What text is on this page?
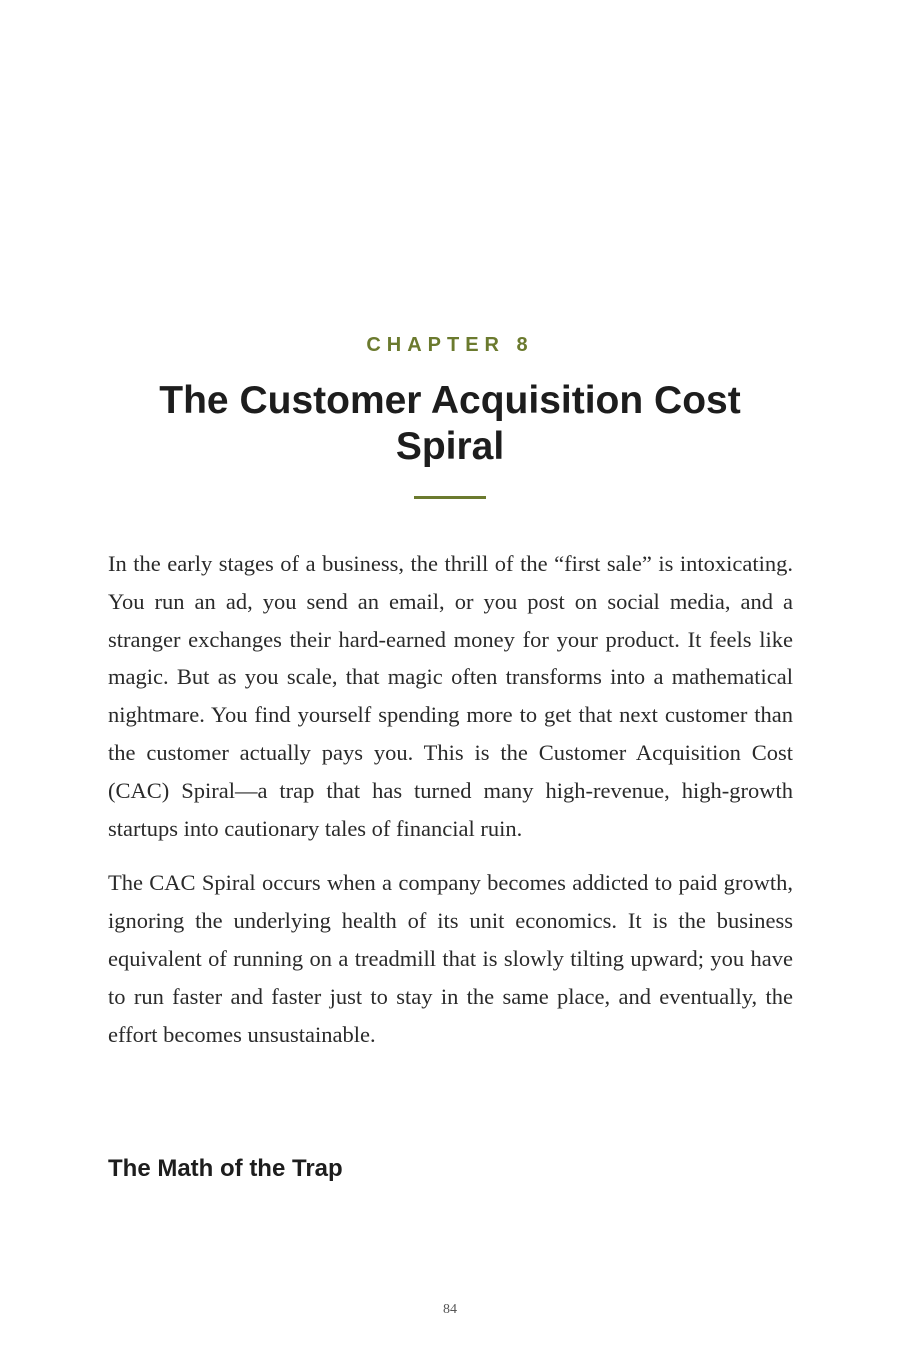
CHAPTER 8
The Customer Acquisition Cost Spiral

In the early stages of a business, the thrill of the “first sale” is intoxicating. You run an ad, you send an email, or you post on social media, and a stranger exchanges their hard-earned money for your product. It feels like magic. But as you scale, that magic often transforms into a mathematical nightmare. You find yourself spending more to get that next customer than the customer actually pays you. This is the Customer Acquisition Cost (CAC) Spiral—a trap that has turned many high-revenue, high-growth startups into cautionary tales of financial ruin.

The CAC Spiral occurs when a company becomes addicted to paid growth, ignoring the underlying health of its unit economics. It is the business equivalent of running on a treadmill that is slowly tilting upward; you have to run faster and faster just to stay in the same place, and eventually, the effort becomes unsustainable.

The Math of the Trap
84
